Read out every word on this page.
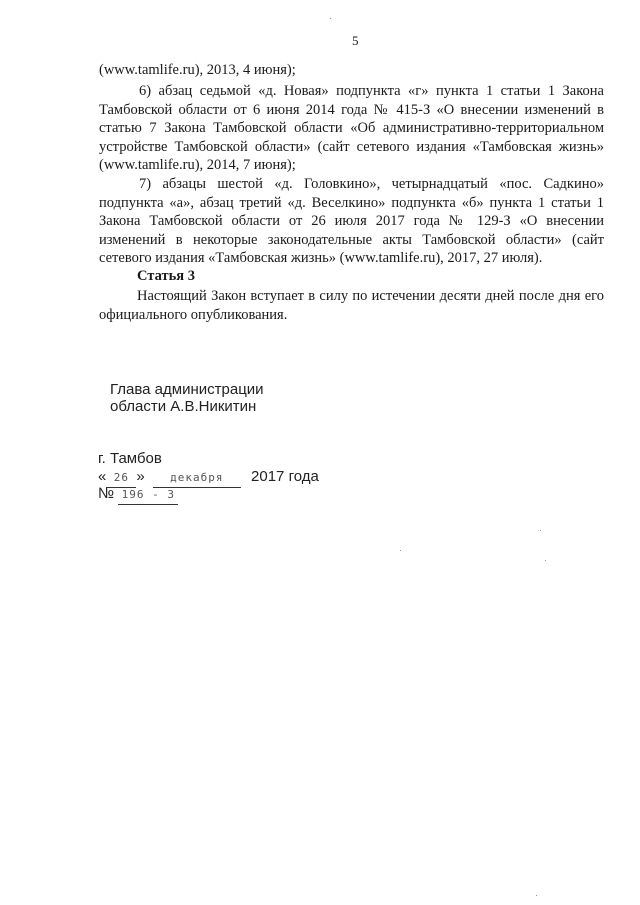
5
(www.tamlife.ru), 2013, 4 июня);
6) абзац седьмой «д. Новая» подпункта «г» пункта 1 статьи 1 Закона Тамбовской области от 6 июня 2014 года № 415-З «О внесении изменений в статью 7 Закона Тамбовской области «Об административно-территориальном устройстве Тамбовской области» (сайт сетевого издания «Тамбовская жизнь» (www.tamlife.ru), 2014, 7 июня);
7) абзацы шестой «д. Головкино», четырнадцатый «пос. Садкино» подпункта «а», абзац третий «д. Веселкино» подпункта «б» пункта 1 статьи 1 Закона Тамбовской области от 26 июля 2017 года № 129-З «О внесении изменений в некоторые законодательные акты Тамбовской области» (сайт сетевого издания «Тамбовская жизнь» (www.tamlife.ru), 2017, 27 июля).
Статья 3
Настоящий Закон вступает в силу по истечении десяти дней после дня его официального опубликования.
Глава администрации
области А.В.Никитин
г. Тамбов
« 26 » декабря 2017 года
№ 196 - З
